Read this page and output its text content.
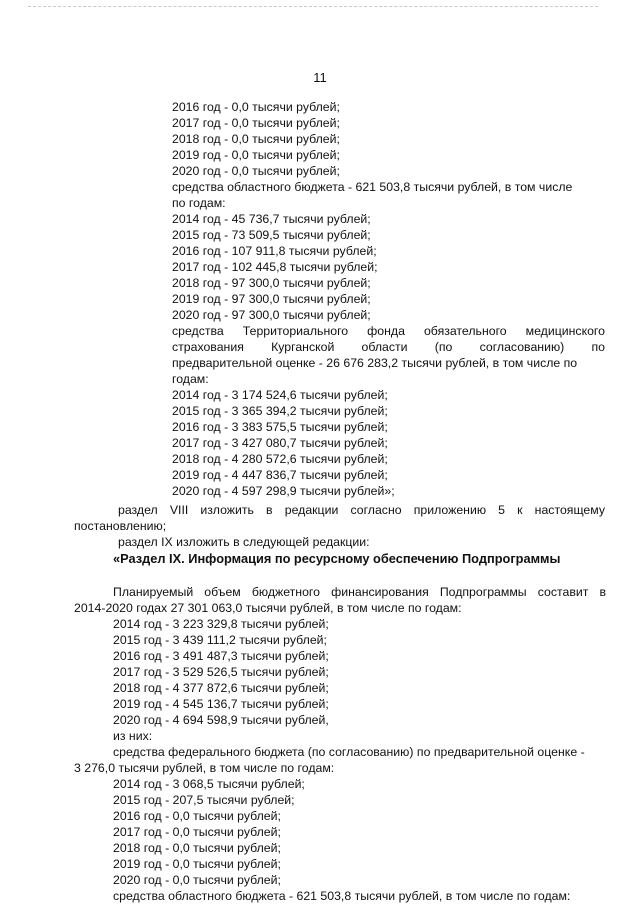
11
2016 год - 0,0 тысячи рублей;
2017 год - 0,0 тысячи рублей;
2018 год - 0,0 тысячи рублей;
2019 год - 0,0 тысячи рублей;
2020 год - 0,0 тысячи рублей;
средства областного бюджета - 621 503,8 тысячи рублей, в том числе
по годам:
2014 год - 45 736,7 тысячи рублей;
2015 год - 73 509,5 тысячи рублей;
2016 год - 107 911,8 тысячи рублей;
2017 год - 102 445,8 тысячи рублей;
2018 год - 97 300,0 тысячи рублей;
2019 год - 97 300,0 тысячи рублей;
2020 год - 97 300,0 тысячи рублей;
средства Территориального фонда обязательного медицинского
страхования Курганской области (по согласованию) по
предварительной оценке - 26 676 283,2 тысячи рублей, в том числе по
годам:
2014 год - 3 174 524,6 тысячи рублей;
2015 год - 3 365 394,2 тысячи рублей;
2016 год - 3 383 575,5 тысячи рублей;
2017 год - 3 427 080,7 тысячи рублей;
2018 год - 4 280 572,6 тысячи рублей;
2019 год - 4 447 836,7 тысячи рублей;
2020 год - 4 597 298,9 тысячи рублей»;
раздел VIII изложить в редакции согласно приложению 5 к настоящему
постановлению;
раздел IX изложить в следующей редакции:
«Раздел IX. Информация по ресурсному обеспечению Подпрограммы
Планируемый объем бюджетного финансирования Подпрограммы составит в
2014-2020 годах 27 301 063,0 тысячи рублей, в том числе по годам:
2014 год - 3 223 329,8 тысячи рублей;
2015 год - 3 439 111,2 тысячи рублей;
2016 год - 3 491 487,3 тысячи рублей;
2017 год - 3 529 526,5 тысячи рублей;
2018 год - 4 377 872,6 тысячи рублей;
2019 год - 4 545 136,7 тысячи рублей;
2020 год - 4 694 598,9 тысячи рублей,
из них:
средства федерального бюджета (по согласованию) по предварительной оценке -
3 276,0 тысячи рублей, в том числе по годам:
2014 год - 3 068,5 тысячи рублей;
2015 год - 207,5 тысячи рублей;
2016 год - 0,0 тысячи рублей;
2017 год - 0,0 тысячи рублей;
2018 год - 0,0 тысячи рублей;
2019 год - 0,0 тысячи рублей;
2020 год - 0,0 тысячи рублей;
средства областного бюджета - 621 503,8 тысячи рублей, в том числе по годам:
